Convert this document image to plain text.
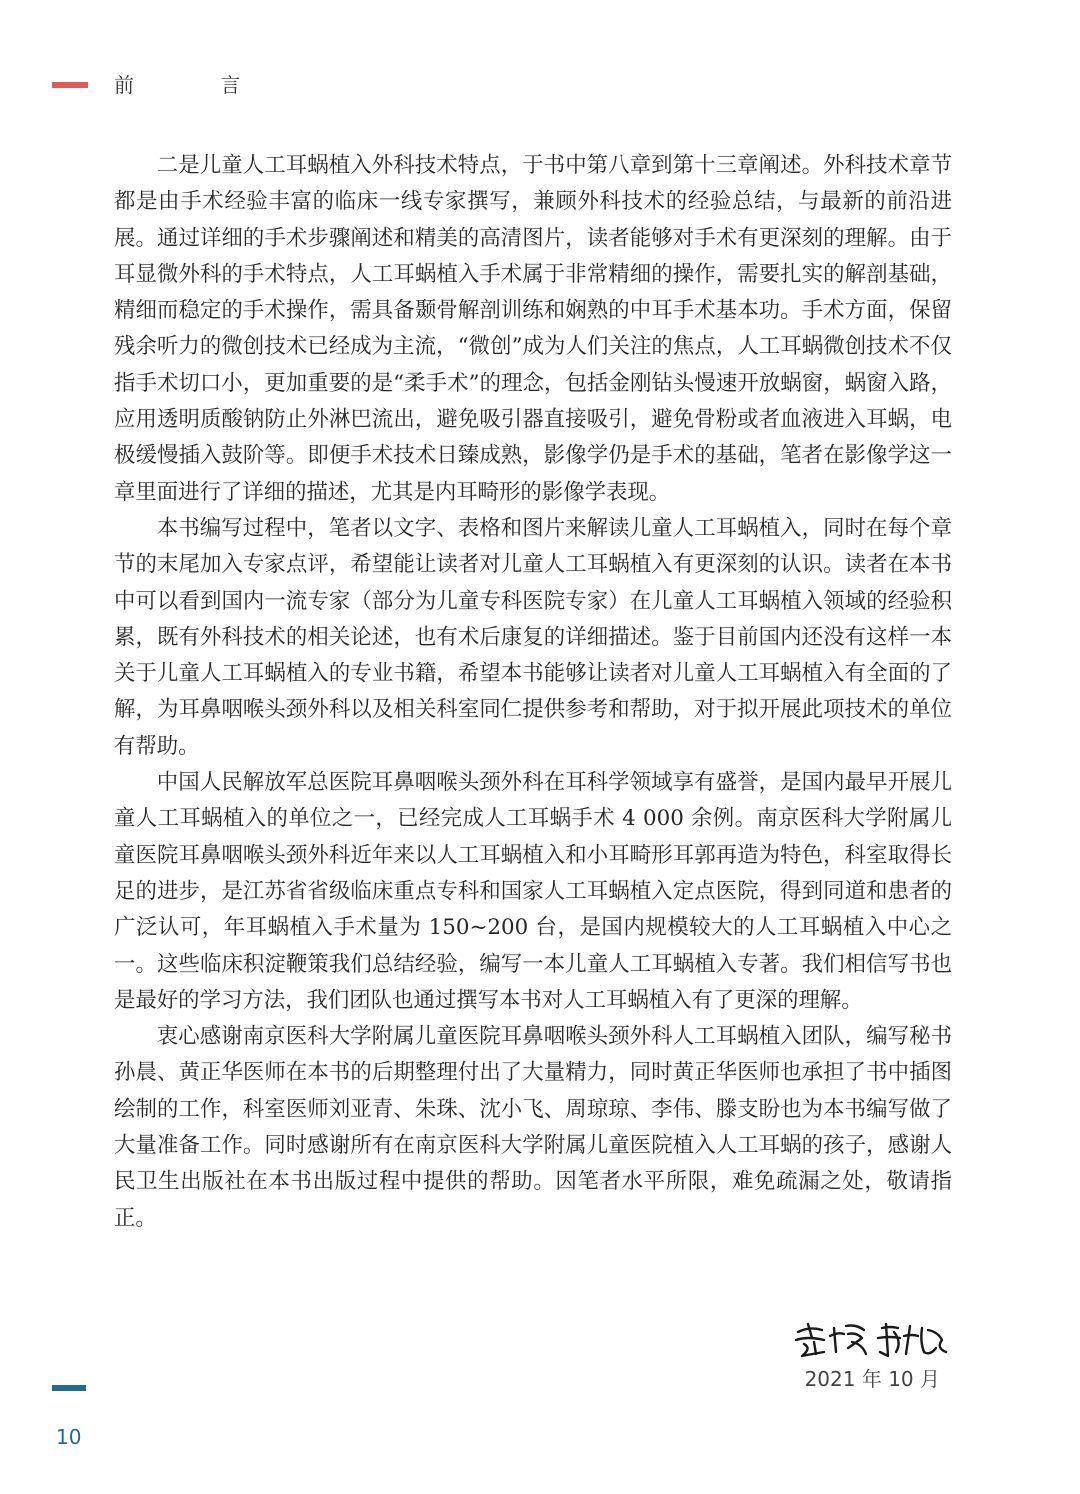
前 言

二是儿童人工耳蜗植入外科技术特点，于书中第八章到第十三章阐述。外科技术章节都是由手术经验丰富的临床一线专家撰写，兼顾外科技术的经验总结，与最新的前沿进展。通过详细的手术步骤阐述和精美的高清图片，读者能够对手术有更深刻的理解。由于耳显微外科的手术特点，人工耳蜗植入手术属于非常精细的操作，需要扎实的解剖基础，精细而稳定的手术操作，需具备颞骨解剖训练和娴熟的中耳手术基本功。手术方面，保留残余听力的微创技术已经成为主流，“微创”成为人们关注的焦点，人工耳蜗微创技术不仅指手术切口小，更加重要的是“柔手术”的理念，包括金刚钻头慢速开放蜗窗，蜗窗入路，应用透明质酸钠防止外淋巴流出，避免吸引器直接吸引，避免骨粉或者血液进入耳蜗，电极缓慢插入鼓阶等。即便手术技术日臻成熟，影像学仍是手术的基础，笔者在影像学这一章里面进行了详细的描述，尤其是内耳畸形的影像学表现。

本书编写过程中，笔者以文字、表格和图片来解读儿童人工耳蜗植入，同时在每个章节的末尾加入专家点评，希望能让读者对儿童人工耳蜗植入有更深刻的认识。读者在本书中可以看到国内一流专家（部分为儿童专科医院专家）在儿童人工耳蜗植入领域的经验积累，既有外科技术的相关论述，也有术后康复的详细描述。鉴于目前国内还没有这样一本关于儿童人工耳蜗植入的专业书籍，希望本书能够让读者对儿童人工耳蜗植入有全面的了解，为耳鼻咽喉头颈外科以及相关科室同仁提供参考和帮助，对于拟开展此项技术的单位有帮助。

中国人民解放军总医院耳鼻咽喉头颈外科在耳科学领域享有盛誉，是国内最早开展儿童人工耳蜗植入的单位之一，已经完成人工耳蜗手术 4 000 余例。南京医科大学附属儿童医院耳鼻咽喉头颈外科近年来以人工耳蜗植入和小耳畸形耳郭再造为特色，科室取得长足的进步，是江苏省省级临床重点专科和国家人工耳蜗植入定点医院，得到同道和患者的广泛认可，年耳蜗植入手术量为 150~200 台，是国内规模较大的人工耳蜗植入中心之一。这些临床积淀鞭策我们总结经验，编写一本儿童人工耳蜗植入专著。我们相信写书也是最好的学习方法，我们团队也通过撰写本书对人工耳蜗植入有了更深的理解。

衷心感谢南京医科大学附属儿童医院耳鼻咽喉头颈外科人工耳蜗植入团队，编写秘书孙晨、黄正华医师在本书的后期整理付出了大量精力，同时黄正华医师也承担了书中插图绘制的工作，科室医师刘亚青、朱珠、沈小飞、周琼琼、李伟、滕支盼也为本书编写做了大量准备工作。同时感谢所有在南京医科大学附属儿童医院植入人工耳蜗的孩子，感谢人民卫生出版社在本书出版过程中提供的帮助。因笔者水平所限，难免疏漏之处，敬请指正。

2021 年 10 月
10
